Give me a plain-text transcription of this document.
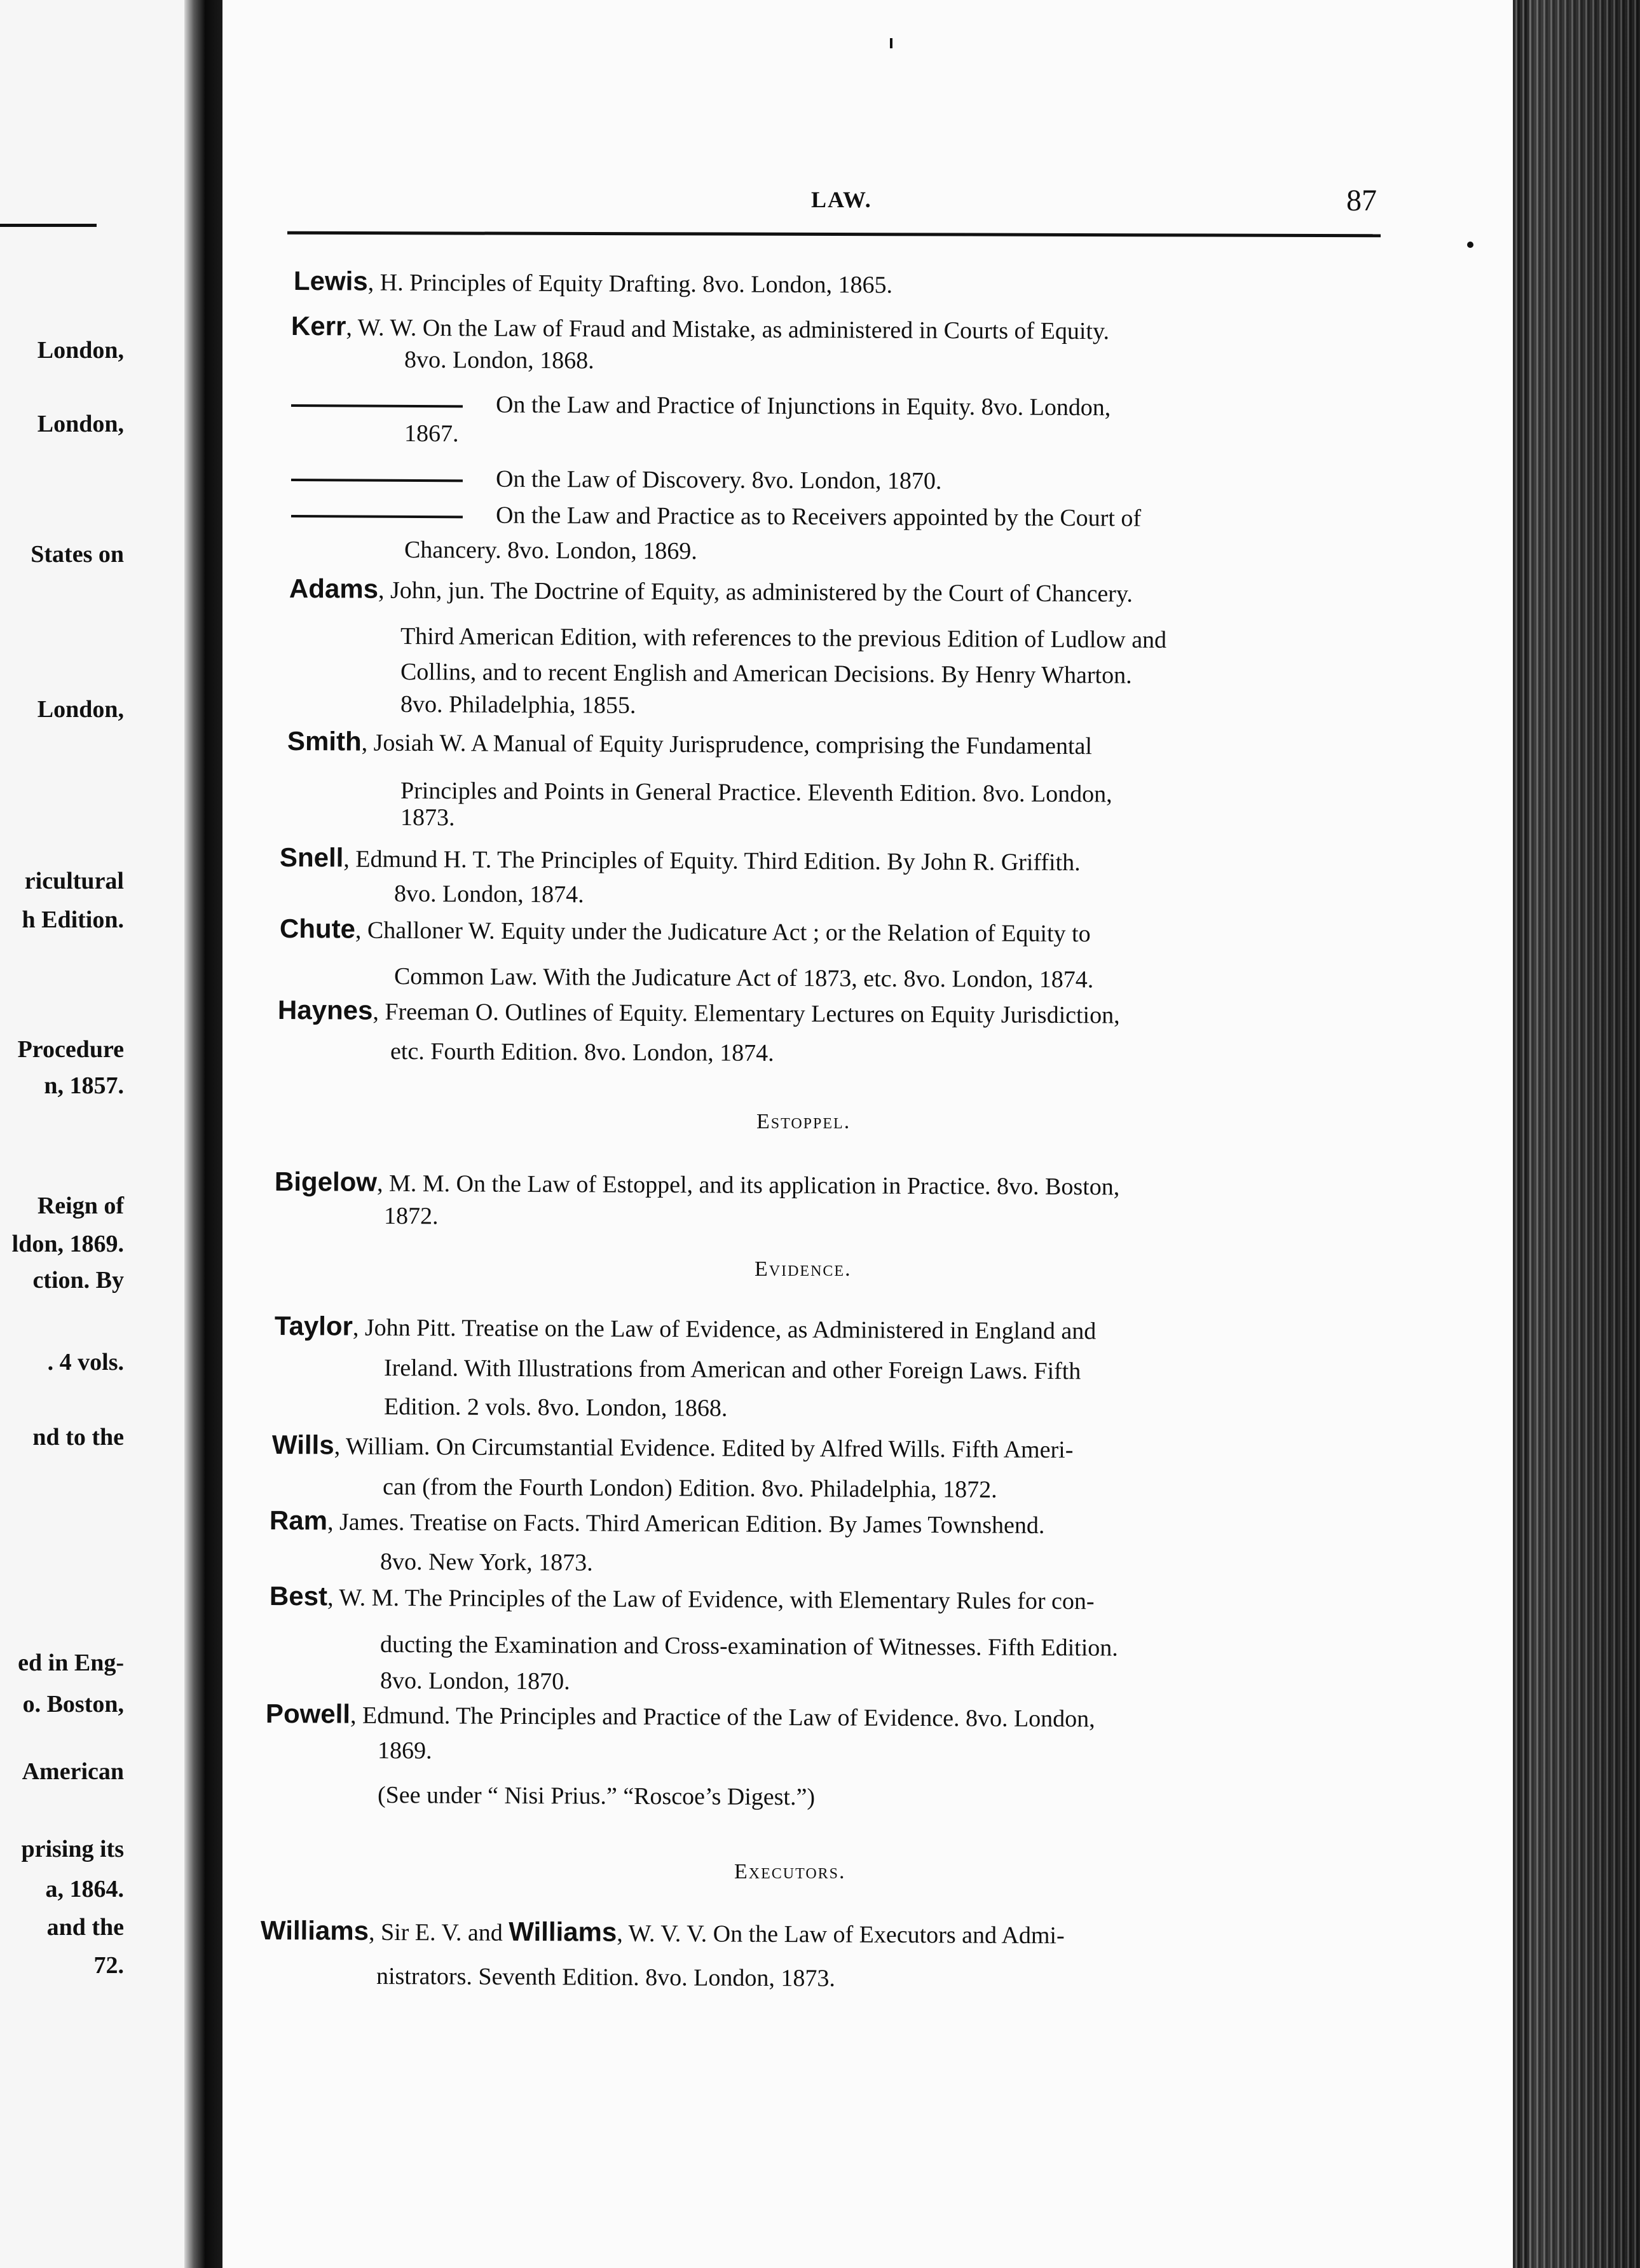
London,
London,
States on
London,
ricultural
h Edition.
Procedure
n, 1857.
Reign of
ldon, 1869.
ction. By
. 4 vols.
nd to the
ed in Eng-
o. Boston,
American
prising its
a, 1864.
and the
72.
LAW.	87
Lewis, H. Principles of Equity Drafting. 8vo. London, 1865.
Kerr, W. W. On the Law of Fraud and Mistake, as administered in Courts of Equity.
8vo. London, 1868.
On the Law and Practice of Injunctions in Equity. 8vo. London,
1867.
On the Law of Discovery. 8vo. London, 1870.
On the Law and Practice as to Receivers appointed by the Court of
Chancery. 8vo. London, 1869.
Adams, John, jun. The Doctrine of Equity, as administered by the Court of Chancery.
Third American Edition, with references to the previous Edition of Ludlow and
Collins, and to recent English and American Decisions. By Henry Wharton.
8vo. Philadelphia, 1855.
Smith, Josiah W. A Manual of Equity Jurisprudence, comprising the Fundamental
Principles and Points in General Practice. Eleventh Edition. 8vo. London,
1873.
Snell, Edmund H. T. The Principles of Equity. Third Edition. By John R. Griffith.
8vo. London, 1874.
Chute, Challoner W. Equity under the Judicature Act ; or the Relation of Equity to
Common Law. With the Judicature Act of 1873, etc. 8vo. London, 1874.
Haynes, Freeman O. Outlines of Equity. Elementary Lectures on Equity Jurisdiction,
etc. Fourth Edition. 8vo. London, 1874.
Estoppel.
Bigelow, M. M. On the Law of Estoppel, and its application in Practice. 8vo. Boston,
1872.
Evidence.
Taylor, John Pitt. Treatise on the Law of Evidence, as Administered in England and
Ireland. With Illustrations from American and other Foreign Laws. Fifth
Edition. 2 vols. 8vo. London, 1868.
Wills, William. On Circumstantial Evidence. Edited by Alfred Wills. Fifth Ameri-
can (from the Fourth London) Edition. 8vo. Philadelphia, 1872.
Ram, James. Treatise on Facts. Third American Edition. By James Townshend.
8vo. New York, 1873.
Best, W. M. The Principles of the Law of Evidence, with Elementary Rules for con-
ducting the Examination and Cross-examination of Witnesses. Fifth Edition.
8vo. London, 1870.
Powell, Edmund. The Principles and Practice of the Law of Evidence. 8vo. London,
1869.
(See under “ Nisi Prius.” “Roscoe’s Digest.”)
Executors.
Williams, Sir E. V. and Williams, W. V. V. On the Law of Executors and Admi-
nistrators. Seventh Edition. 8vo. London, 1873.
